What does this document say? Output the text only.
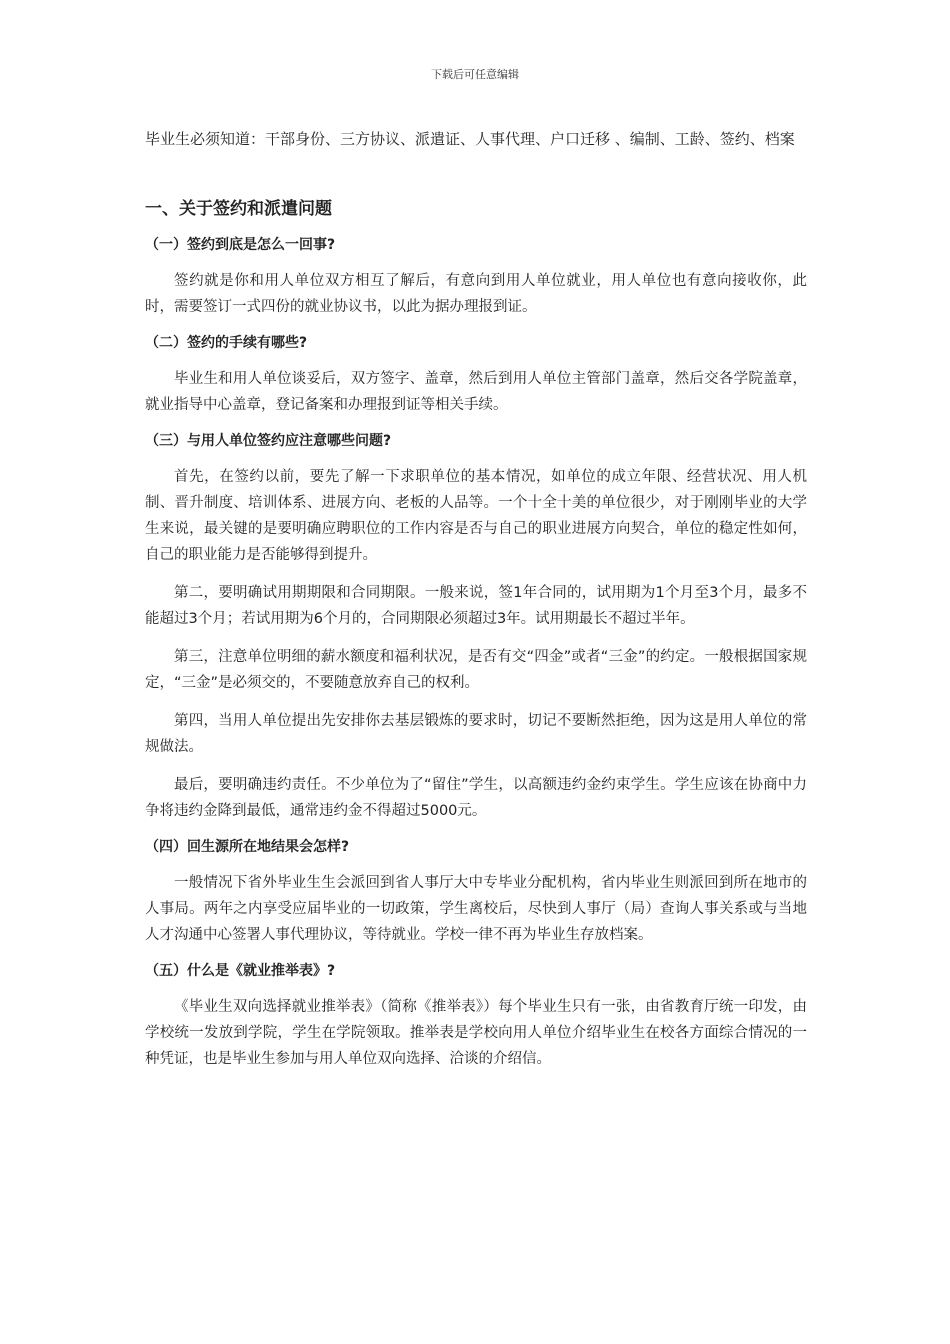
下载后可任意编辑

毕业生必须知道：干部身份、三方协议、派遣证、人事代理、户口迁移 、编制、工龄、签约、档案

一、关于签约和派遣问题
（一）签约到底是怎么一回事?

签约就是你和用人单位双方相互了解后，有意向到用人单位就业，用人单位也有意向接收你，此时，需要签订一式四份的就业协议书，以此为据办理报到证。

（二）签约的手续有哪些?

毕业生和用人单位谈妥后，双方签字、盖章，然后到用人单位主管部门盖章，然后交各学院盖章，就业指导中心盖章，登记备案和办理报到证等相关手续。

（三）与用人单位签约应注意哪些问题?

首先，在签约以前，要先了解一下求职单位的基本情况，如单位的成立年限、经营状况、用人机制、晋升制度、培训体系、进展方向、老板的人品等。一个十全十美的单位很少，对于刚刚毕业的大学生来说，最关键的是要明确应聘职位的工作内容是否与自己的职业进展方向契合，单位的稳定性如何，自己的职业能力是否能够得到提升。

第二，要明确试用期期限和合同期限。一般来说，签1年合同的，试用期为1个月至3个月，最多不能超过3个月；若试用期为6个月的，合同期限必须超过3年。试用期最长不超过半年。

第三，注意单位明细的薪水额度和福利状况，是否有交“四金”或者“三金”的约定。一般根据国家规定，“三金”是必须交的，不要随意放弃自己的权利。

第四，当用人单位提出先安排你去基层锻炼的要求时，切记不要断然拒绝，因为这是用人单位的常规做法。

最后，要明确违约责任。不少单位为了“留住”学生，以高额违约金约束学生。学生应该在协商中力争将违约金降到最低，通常违约金不得超过5000元。

（四）回生源所在地结果会怎样?

一般情况下省外毕业生生会派回到省人事厅大中专毕业分配机构，省内毕业生则派回到所在地市的人事局。两年之内享受应届毕业的一切政策，学生离校后，尽快到人事厅（局）查询人事关系或与当地人才沟通中心签署人事代理协议，等待就业。学校一律不再为毕业生存放档案。

（五）什么是《就业推举表》?

《毕业生双向选择就业推举表》（简称《推举表》）每个毕业生只有一张，由省教育厅统一印发，由学校统一发放到学院，学生在学院领取。推举表是学校向用人单位介绍毕业生在校各方面综合情况的一种凭证，也是毕业生参加与用人单位双向选择、洽谈的介绍信。
